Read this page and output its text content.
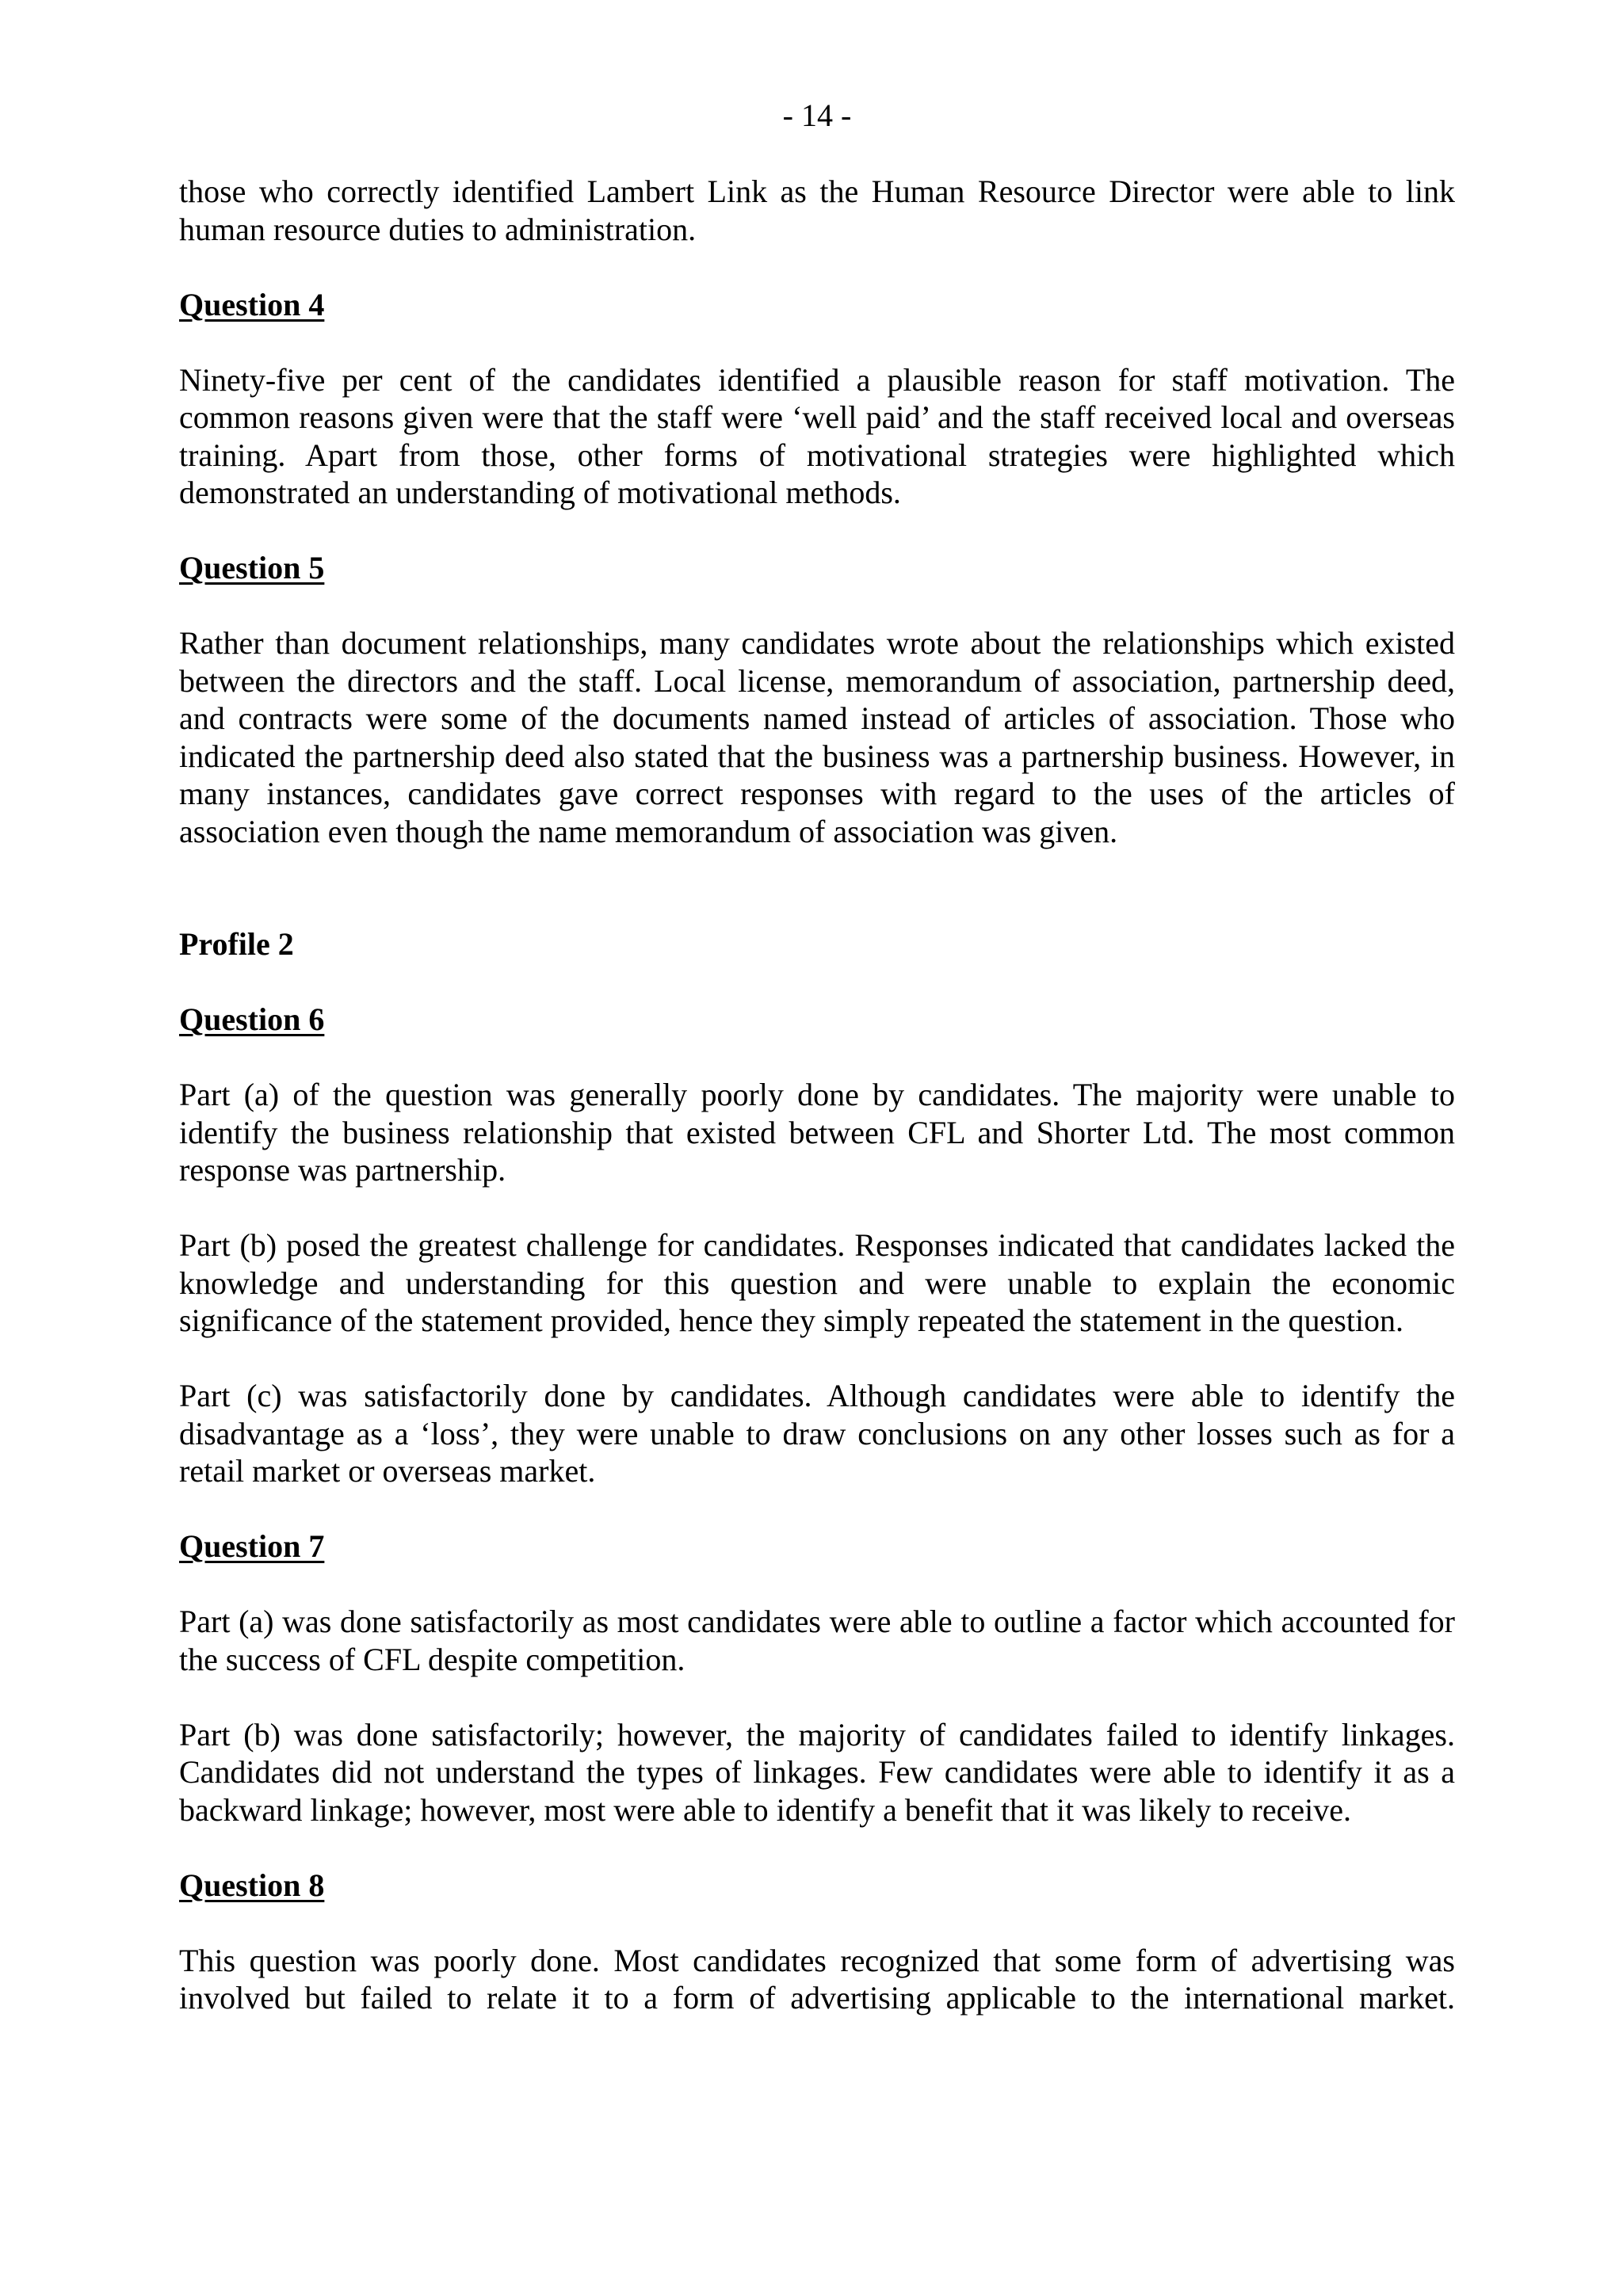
- 14 -

those who correctly identified Lambert Link as the Human Resource Director were able to link human resource duties to administration.

Question 4

Ninety-five per cent of the candidates identified a plausible reason for staff motivation. The common reasons given were that the staff were ‘well paid’ and the staff received local and overseas training. Apart from those, other forms of motivational strategies were highlighted which demonstrated an understanding of motivational methods.

Question 5

Rather than document relationships, many candidates wrote about the relationships which existed between the directors and the staff. Local license, memorandum of association, partnership deed, and contracts were some of the documents named instead of articles of association. Those who indicated the partnership deed also stated that the business was a partnership business. However, in many instances, candidates gave correct responses with regard to the uses of the articles of association even though the name memorandum of association was given.

Profile 2
Question 6

Part (a) of the question was generally poorly done by candidates. The majority were unable to identify the business relationship that existed between CFL and Shorter Ltd. The most common response was partnership.

Part (b) posed the greatest challenge for candidates. Responses indicated that candidates lacked the knowledge and understanding for this question and were unable to explain the economic significance of the statement provided, hence they simply repeated the statement in the question.

Part (c) was satisfactorily done by candidates. Although candidates were able to identify the disadvantage as a ‘loss’, they were unable to draw conclusions on any other losses such as for a retail market or overseas market.

Question 7

Part (a) was done satisfactorily as most candidates were able to outline a factor which accounted for the success of CFL despite competition.

Part (b) was done satisfactorily; however, the majority of candidates failed to identify linkages. Candidates did not understand the types of linkages. Few candidates were able to identify it as a backward linkage; however, most were able to identify a benefit that it was likely to receive.

Question 8

This question was poorly done. Most candidates recognized that some form of advertising was involved but failed to relate it to a form of advertising applicable to the international market.
